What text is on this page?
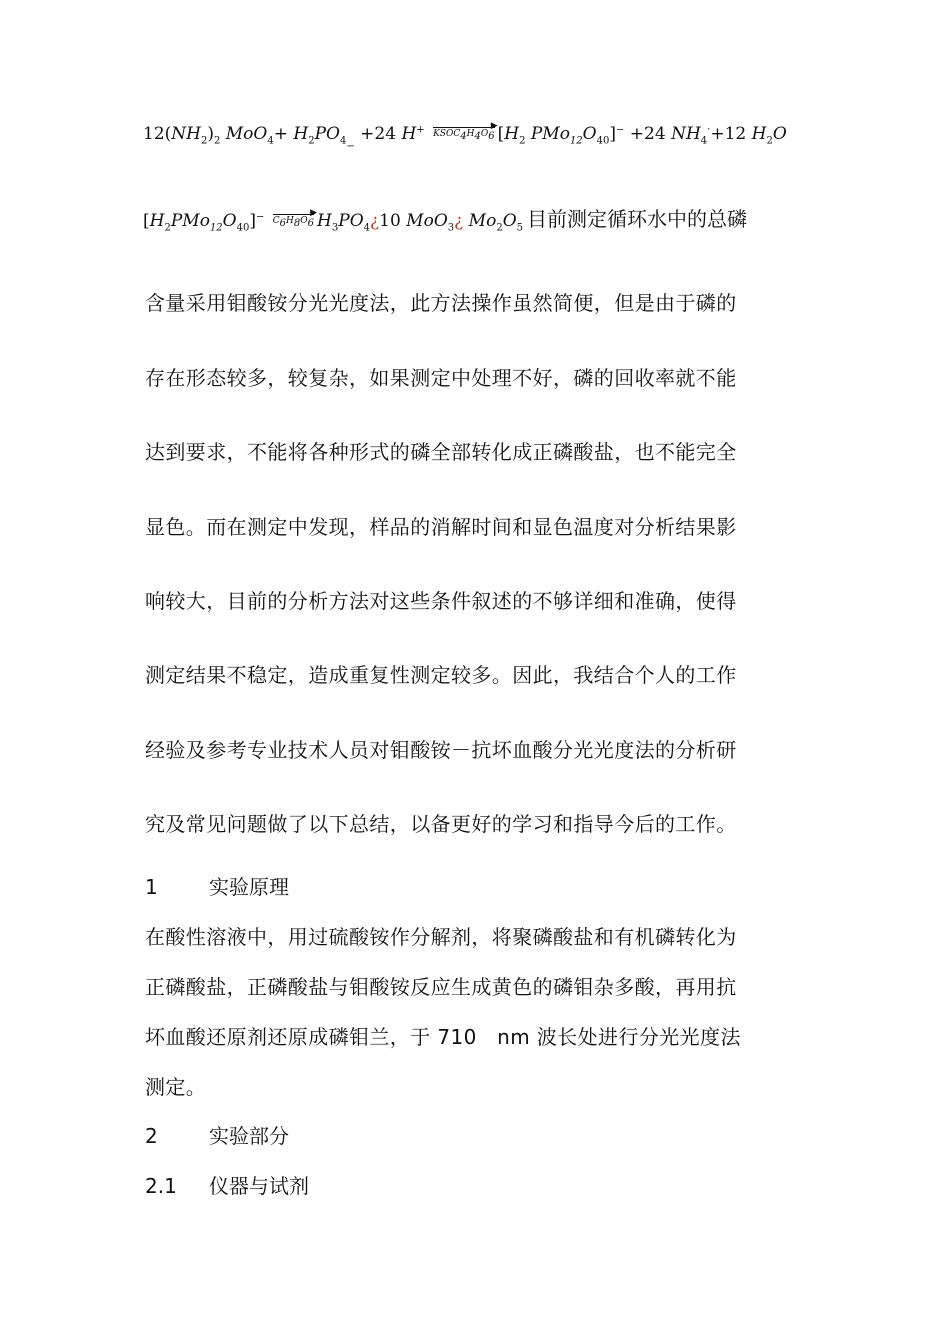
$12(NH_2)_2$ $MoO_4+ H_2PO_{4-} +24$ H+ $KSOC_4H_4O_6$
▶ [$H_2$ $PMo_{12}O_{40}]^- +24$ $NH_4^\cdot+12$ $H_2O$
$[H_2PMo_{12}O_{40}]^-$ $C_6H_8O_6$
▶ $H_3PO_4¿10$ MoO$_3$¿ $Mo_2O_5$ 目前测定循环水中的总磷
含量采用钼酸铵分光光度法，此方法操作虽然简便，但是由于磷的
存在形态较多，较复杂，如果测定中处理不好，磷的回收率就不能
达到要求，不能将各种形式的磷全部转化成正磷酸盐，也不能完全
显色。而在测定中发现，样品的消解时间和显色温度对分析结果影
响较大，目前的分析方法对这些条件叙述的不够详细和准确，使得
测定结果不稳定，造成重复性测定较多。因此，我结合个人的工作
经验及参考专业技术人员对钼酸铵－抗坏血酸分光光度法的分析研
究及常见问题做了以下总结，以备更好的学习和指导今后的工作。
1	实验原理
在酸性溶液中，用过硫酸铵作分解剂，将聚磷酸盐和有机磷转化为
正磷酸盐，正磷酸盐与钼酸铵反应生成黄色的磷钼杂多酸，再用抗
坏血酸还原剂还原成磷钼兰，于 710　nm 波长处进行分光光度法
测定。
2	实验部分
2.1 仪器与试剂
